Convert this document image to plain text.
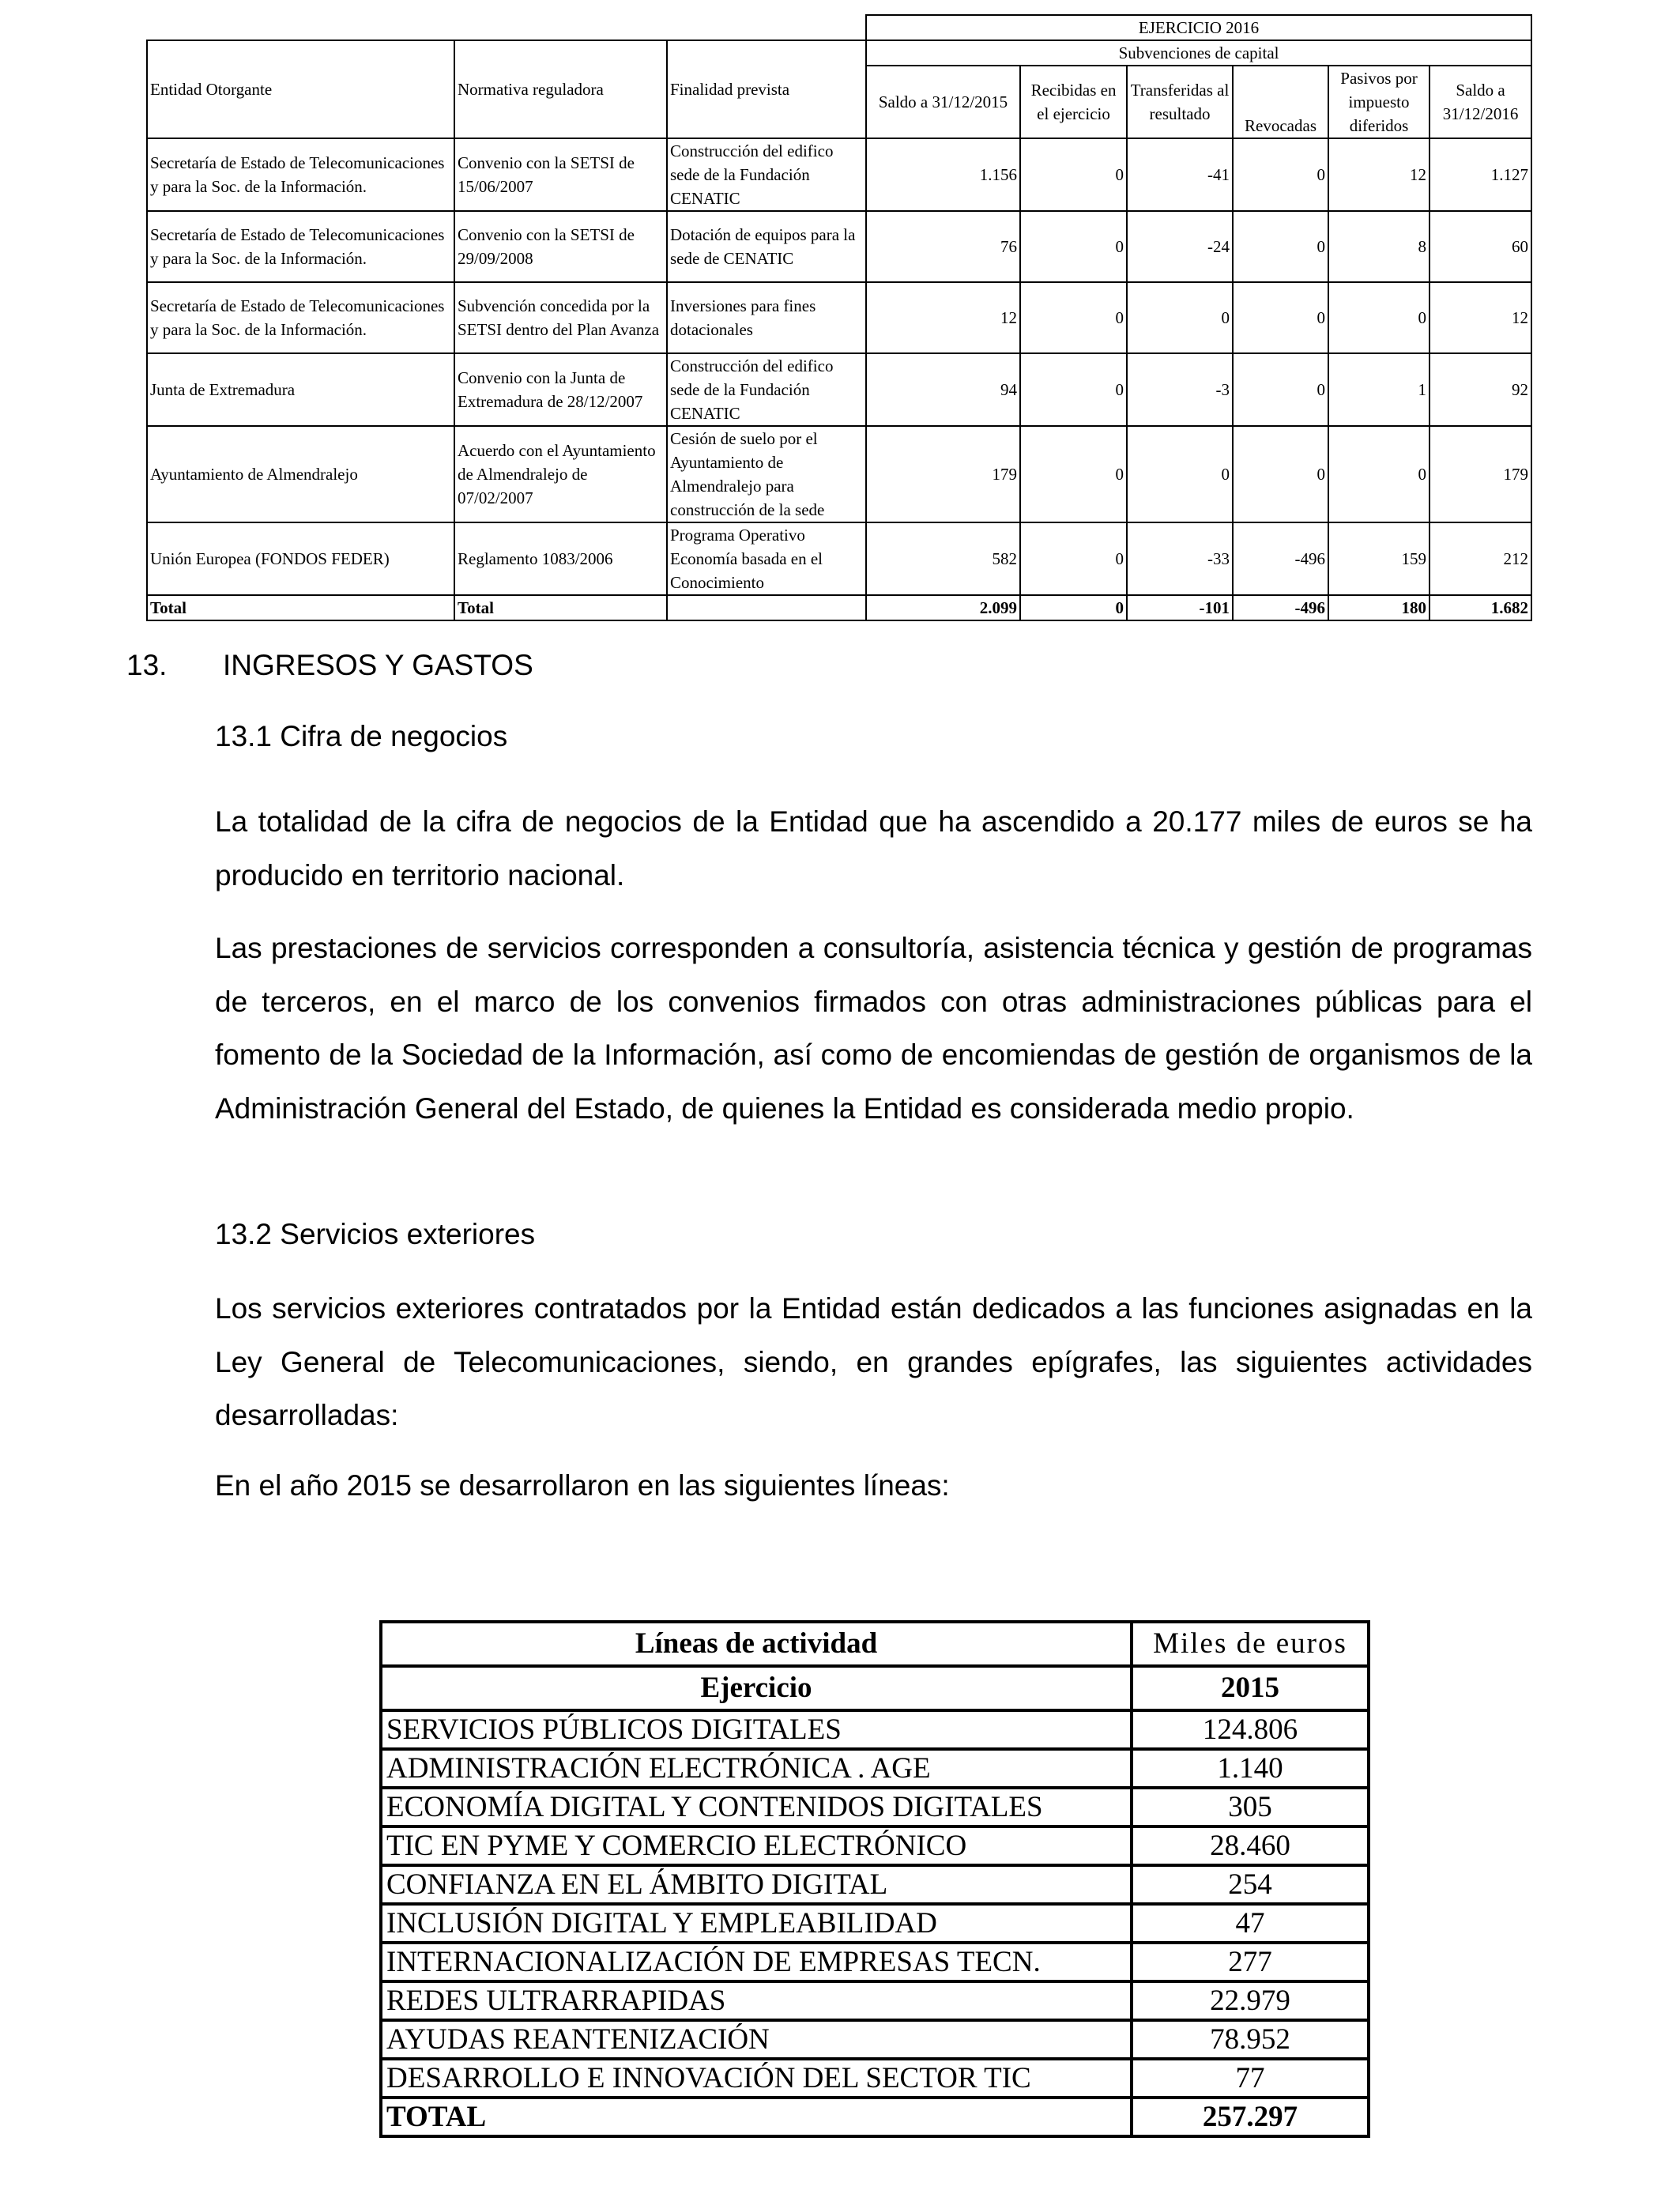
			EJERCICIO 2016					
Entidad Otorgante	Normativa reguladora	Finalidad prevista	Subvenciones de capital					
			Saldo a 31/12/2015	Recibidas en el ejercicio	Transferidas al resultado	Revocadas	Pasivos por impuesto diferidos	Saldo a 31/12/2016

Secretaría de Estado de Telecomunicaciones y para la Soc. de la Información.	Convenio con la SETSI de 15/06/2007	Construcción del edifico sede de la Fundación CENATIC	1.156	0	-41	0	12	1.127
Secretaría de Estado de Telecomunicaciones y para la Soc. de la Información.	Convenio con la SETSI de 29/09/2008	Dotación de equipos para la sede de CENATIC	76	0	-24	0	8	60
Secretaría de Estado de Telecomunicaciones y para la Soc. de la Información.	Subvención concedida por la SETSI dentro del Plan Avanza	Inversiones para fines dotacionales	12	0	0	0	0	12
Junta de Extremadura	Convenio con la Junta de Extremadura de 28/12/2007	Construcción del edifico sede de la Fundación CENATIC	94	0	-3	0	1	92
Ayuntamiento de Almendralejo	Acuerdo con el Ayuntamiento de Almendralejo de 07/02/2007	Cesión de suelo por el Ayuntamiento de Almendralejo para construcción de la sede	179	0	0	0	0	179
Unión Europea (FONDOS FEDER)	Reglamento 1083/2006	Programa Operativo Economía basada en el Conocimiento	582	0	-33	-496	159	212
Total	Total		2.099	0	-101	-496	180	1.682
13. INGRESOS Y GASTOS
13.1 Cifra de negocios

La totalidad de la cifra de negocios de la Entidad que ha ascendido a 20.177 miles de euros se ha producido en territorio nacional.

Las prestaciones de servicios corresponden a consultoría, asistencia técnica y gestión de programas de terceros, en el marco de los convenios firmados con otras administraciones públicas para el fomento de la Sociedad de la Información, así como de encomiendas de gestión de organismos de la Administración General del Estado, de quienes la Entidad es considerada medio propio.

13.2 Servicios exteriores

Los servicios exteriores contratados por la Entidad están dedicados a las funciones asignadas en la Ley General de Telecomunicaciones, siendo, en grandes epígrafes, las siguientes actividades desarrolladas:

En el año 2015 se desarrollaron en las siguientes líneas:

Líneas de actividad	Miles de euros
Ejercicio	2015
SERVICIOS PÚBLICOS DIGITALES	124.806
ADMINISTRACIÓN ELECTRÓNICA . AGE	1.140
ECONOMÍA DIGITAL Y CONTENIDOS DIGITALES	305
TIC EN PYME Y COMERCIO ELECTRÓNICO	28.460
CONFIANZA EN EL ÁMBITO DIGITAL	254
INCLUSIÓN DIGITAL Y EMPLEABILIDAD	47
INTERNACIONALIZACIÓN DE EMPRESAS TECN.	277
REDES ULTRARRAPIDAS	22.979
AYUDAS REANTENIZACIÓN	78.952
DESARROLLO E INNOVACIÓN DEL SECTOR TIC	77
TOTAL	257.297
